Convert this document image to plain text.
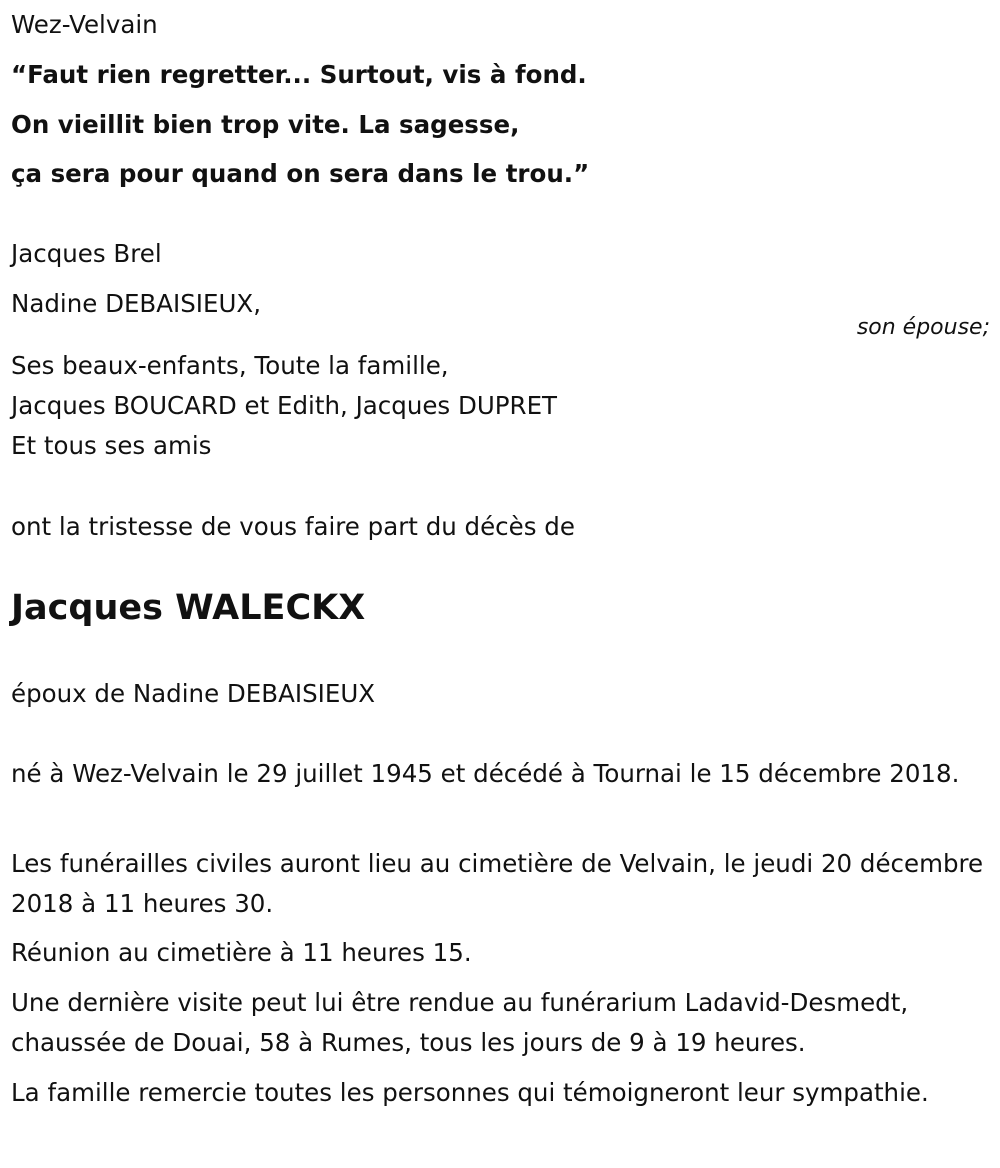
Wez-Velvain

“Faut rien regretter... Surtout, vis à fond.

On vieillit bien trop vite. La sagesse,

ça sera pour quand on sera dans le trou.”

Jacques Brel

Nadine DEBAISIEUX,

son épouse;

Ses beaux-enfants, Toute la famille,

Jacques BOUCARD et Edith, Jacques DUPRET

Et tous ses amis

ont la tristesse de vous faire part du décès de

Jacques WALECKX

époux de Nadine DEBAISIEUX

né à Wez-Velvain le 29 juillet 1945 et décédé à Tournai le 15 décembre 2018.

Les funérailles civiles auront lieu au cimetière de Velvain, le jeudi 20 décembre 2018 à 11 heures 30.

Réunion au cimetière à 11 heures 15.

Une dernière visite peut lui être rendue au funérarium Ladavid-Desmedt, chaussée de Douai, 58 à Rumes, tous les jours de 9 à 19 heures.

La famille remercie toutes les personnes qui témoigneront leur sympathie.
